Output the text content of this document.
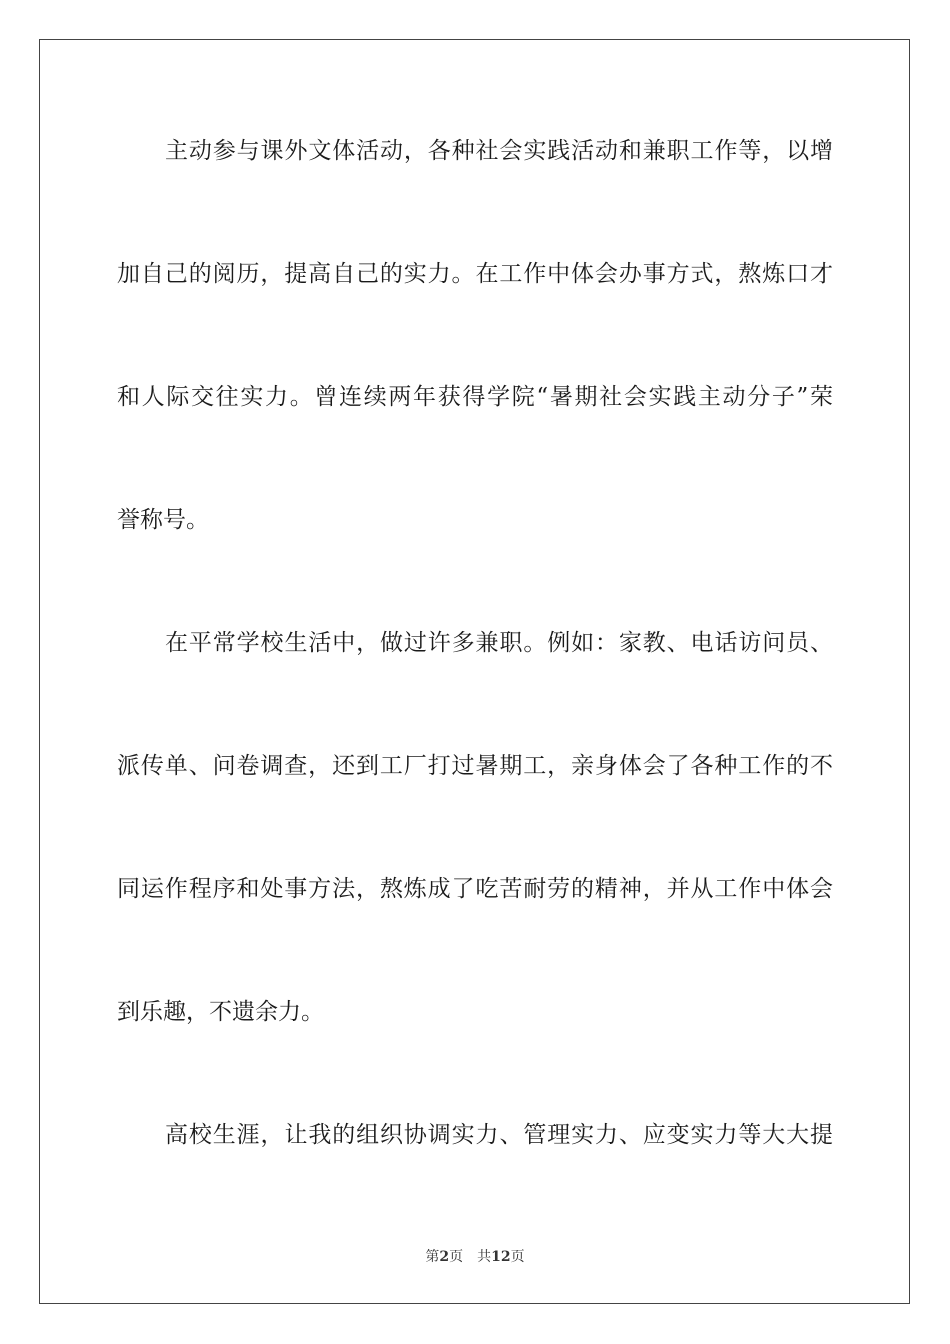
主动参与课外文体活动，各种社会实践活动和兼职工作等，以增
加自己的阅历，提高自己的实力。在工作中体会办事方式，熬炼口才
和人际交往实力。曾连续两年获得学院“暑期社会实践主动分子”荣
誉称号。
在平常学校生活中，做过许多兼职。例如：家教、电话访问员、
派传单、问卷调查，还到工厂打过暑期工，亲身体会了各种工作的不
同运作程序和处事方法，熬炼成了吃苦耐劳的精神，并从工作中体会
到乐趣，不遗余力。
高校生涯，让我的组织协调实力、管理实力、应变实力等大大提
第2页 共12页
